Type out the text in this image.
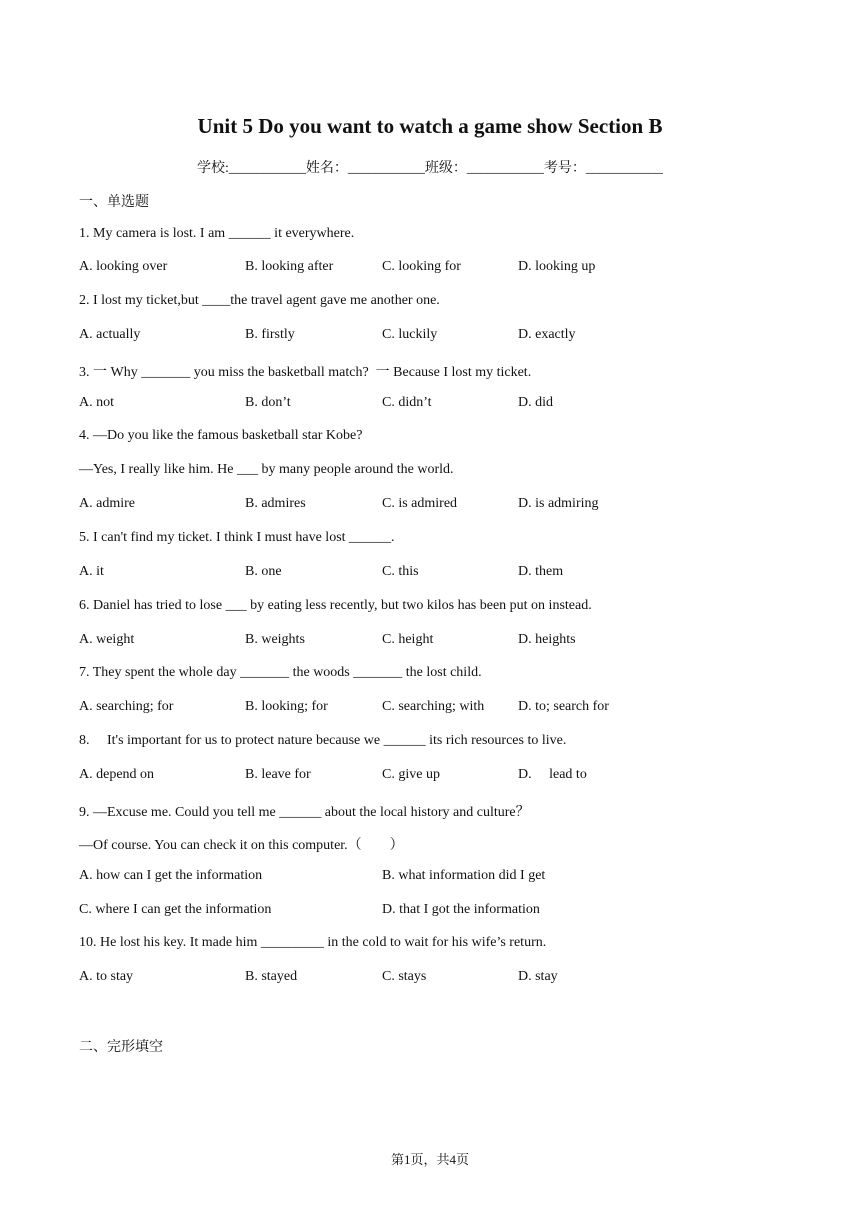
Unit 5 Do you want to watch a game show Section B
学校:___________姓名：___________班级：___________考号：___________
一、单选题
1. My camera is lost. I am ______ it everywhere.
A. looking over	B. looking after	C. looking for	D. looking up
2. I lost my ticket,but ____the travel agent gave me another one.
A. actually	B. firstly	C. luckily	D. exactly
3. 一 Why _______ you miss the basketball match?  一 Because I lost my ticket.
A. not	B. don’t	C. didn’t	D. did
4. —Do you like the famous basketball star Kobe?
—Yes, I really like him. He ___ by many people around the world.
A. admire	B. admires	C. is admired	D. is admiring
5. I can't find my ticket. I think I must have lost ______.
A. it	B. one	C. this	D. them
6. Daniel has tried to lose ___ by eating less recently, but two kilos has been put on instead.
A. weight	B. weights	C. height	D. heights
7. They spent the whole day _______ the woods _______ the lost child.
A. searching; for	B. looking; for	C. searching; with D. to; search for
8.     It's important for us to protect nature because we ______ its rich resources to live.
A. depend on	B. leave for	C. give up	D.     lead to
9. —Excuse me. Could you tell me ______ about the local history and culture？
—Of course. You can check it on this computer.（        ）
A. how can I get the information	B. what information did I get
C. where I can get the information	D. that I got the information
10. He lost his key. It made him _________ in the cold to wait for his wife’s return.
A. to stay	B. stayed	C. stays	D. stay
二、完形填空
第1页，共4页
